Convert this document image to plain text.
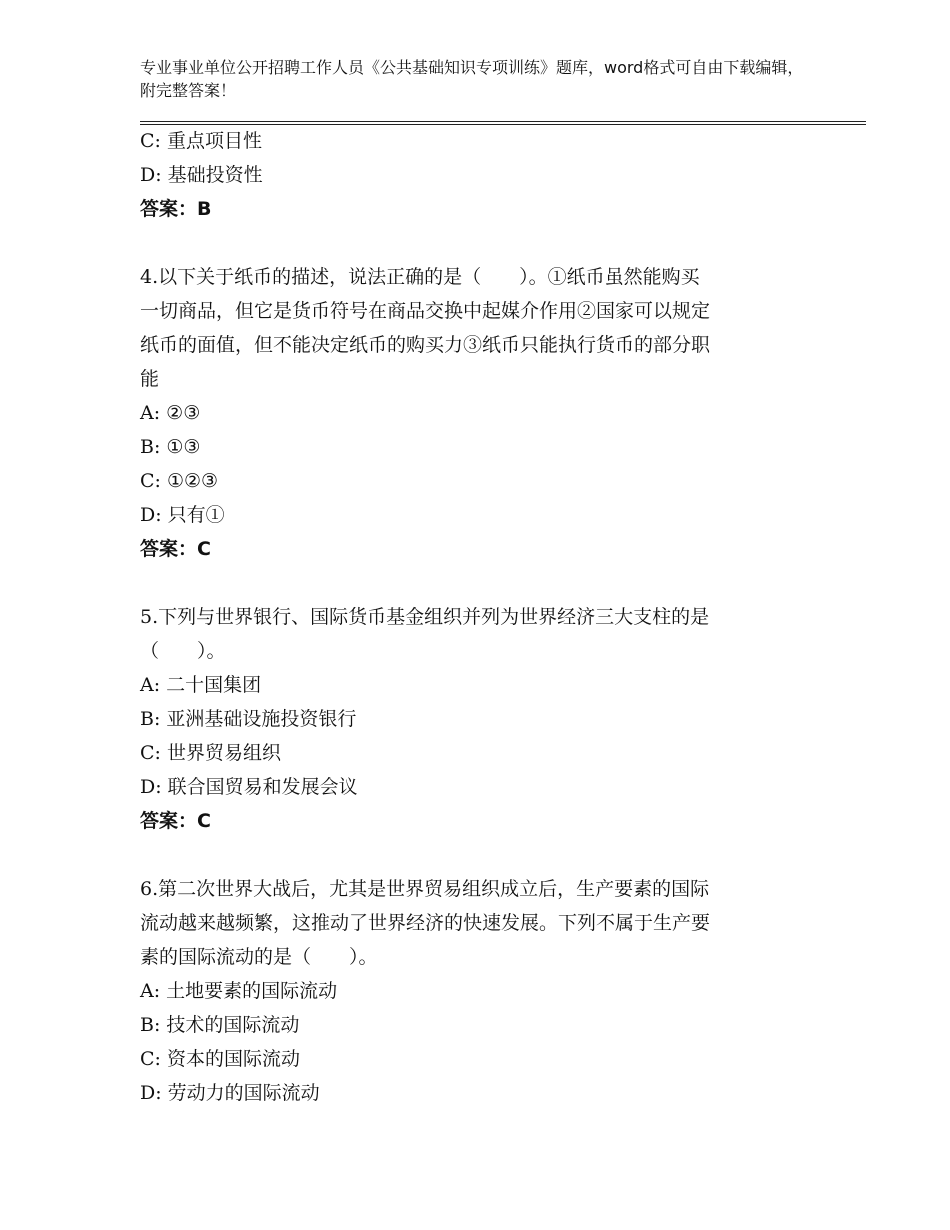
专业事业单位公开招聘工作人员《公共基础知识专项训练》题库，word格式可自由下载编辑，附完整答案！
C: 重点项目性
D: 基础投资性
答案：B
4.以下关于纸币的描述，说法正确的是（　　）。①纸币虽然能购买
一切商品，但它是货币符号在商品交换中起媒介作用②国家可以规定
纸币的面值，但不能决定纸币的购买力③纸币只能执行货币的部分职
能
A: ②③
B: ①③
C: ①②③
D: 只有①
答案：C
5.下列与世界银行、国际货币基金组织并列为世界经济三大支柱的是
（　　）。
A: 二十国集团
B: 亚洲基础设施投资银行
C: 世界贸易组织
D: 联合国贸易和发展会议
答案：C
6.第二次世界大战后，尤其是世界贸易组织成立后，生产要素的国际
流动越来越频繁，这推动了世界经济的快速发展。下列不属于生产要
素的国际流动的是（　　）。
A: 土地要素的国际流动
B: 技术的国际流动
C: 资本的国际流动
D: 劳动力的国际流动
